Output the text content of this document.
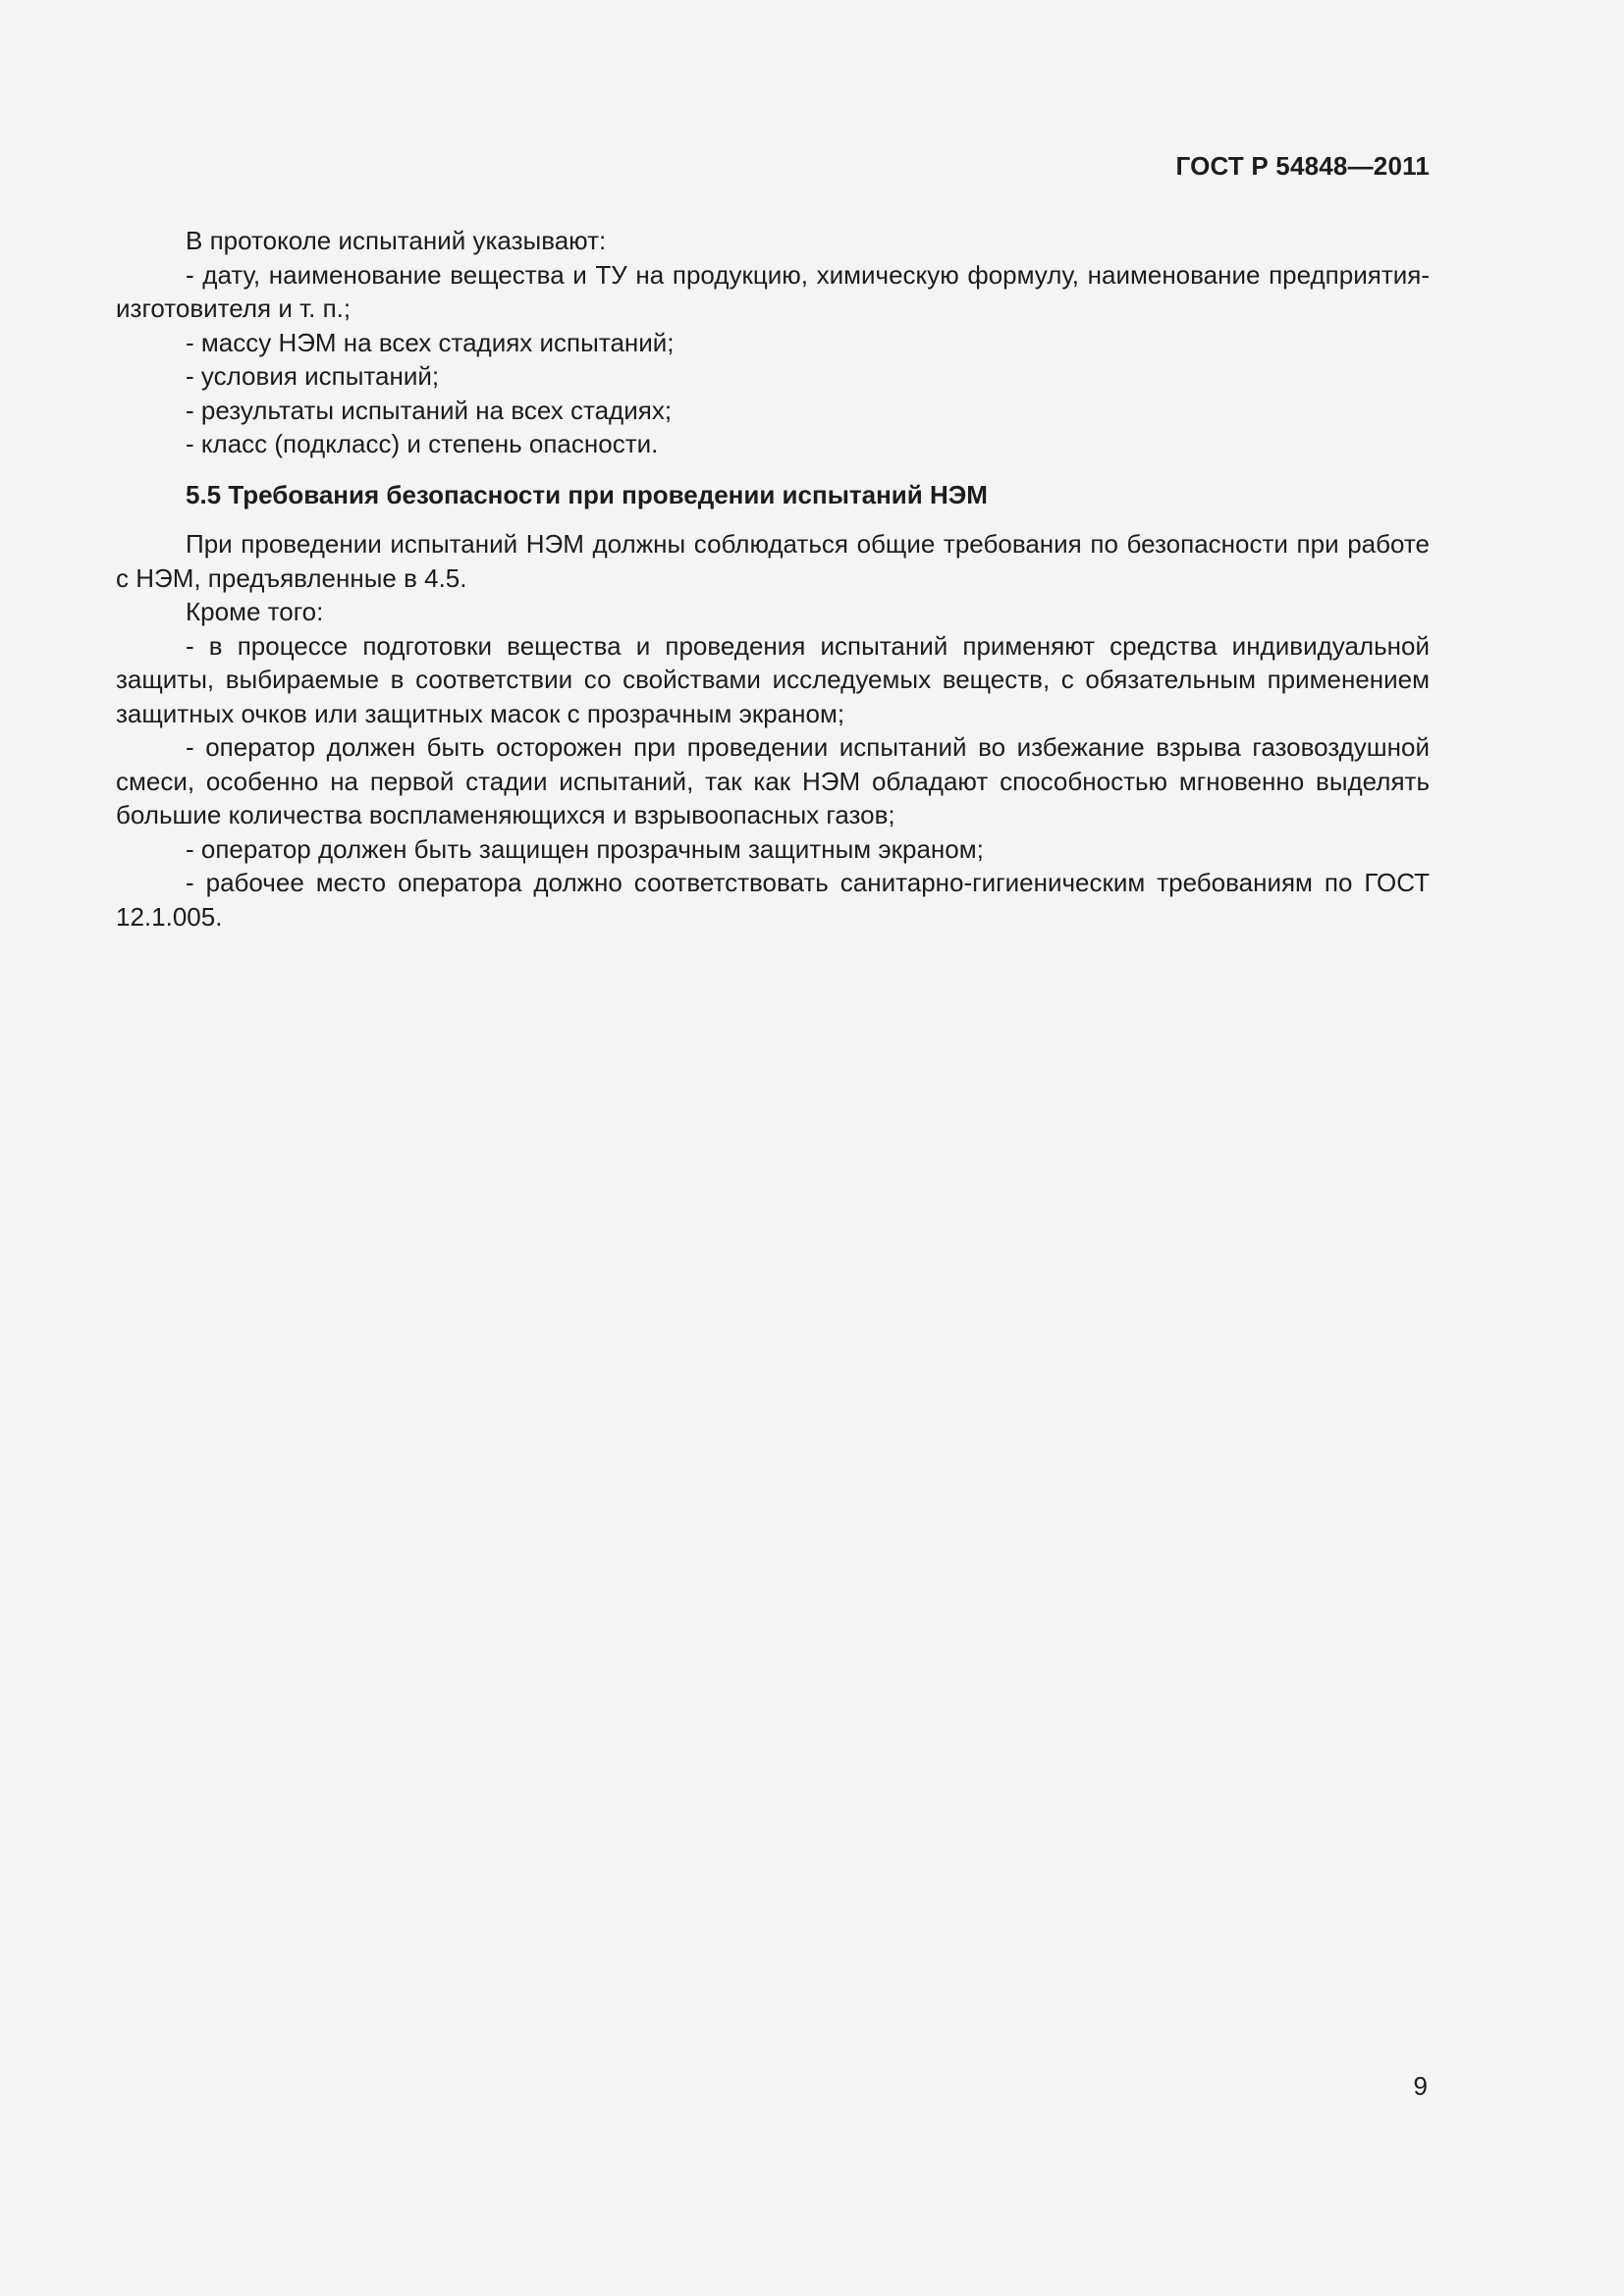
ГОСТ Р 54848—2011

В протоколе испытаний указывают:

- дату, наименование вещества и ТУ на продукцию, химическую формулу, наименование предприятия-изготовителя и т. п.;

- массу НЭМ на всех стадиях испытаний;

- условия испытаний;

- результаты испытаний на всех стадиях;

- класс (подкласс) и степень опасности.

5.5 Требования безопасности при проведении испытаний НЭМ

При проведении испытаний НЭМ должны соблюдаться общие требования по безопасности при работе с НЭМ, предъявленные в 4.5.

Кроме того:

- в процессе подготовки вещества и проведения испытаний применяют средства индивидуальной защиты, выбираемые в соответствии со свойствами исследуемых веществ, с обязательным применением защитных очков или защитных масок с прозрачным экраном;

- оператор должен быть осторожен при проведении испытаний во избежание взрыва газовоздушной смеси, особенно на первой стадии испытаний, так как НЭМ обладают способностью мгновенно выделять большие количества воспламеняющихся и взрывоопасных газов;

- оператор должен быть защищен прозрачным защитным экраном;

- рабочее место оператора должно соответствовать санитарно-гигиеническим требованиям по ГОСТ 12.1.005.

9
